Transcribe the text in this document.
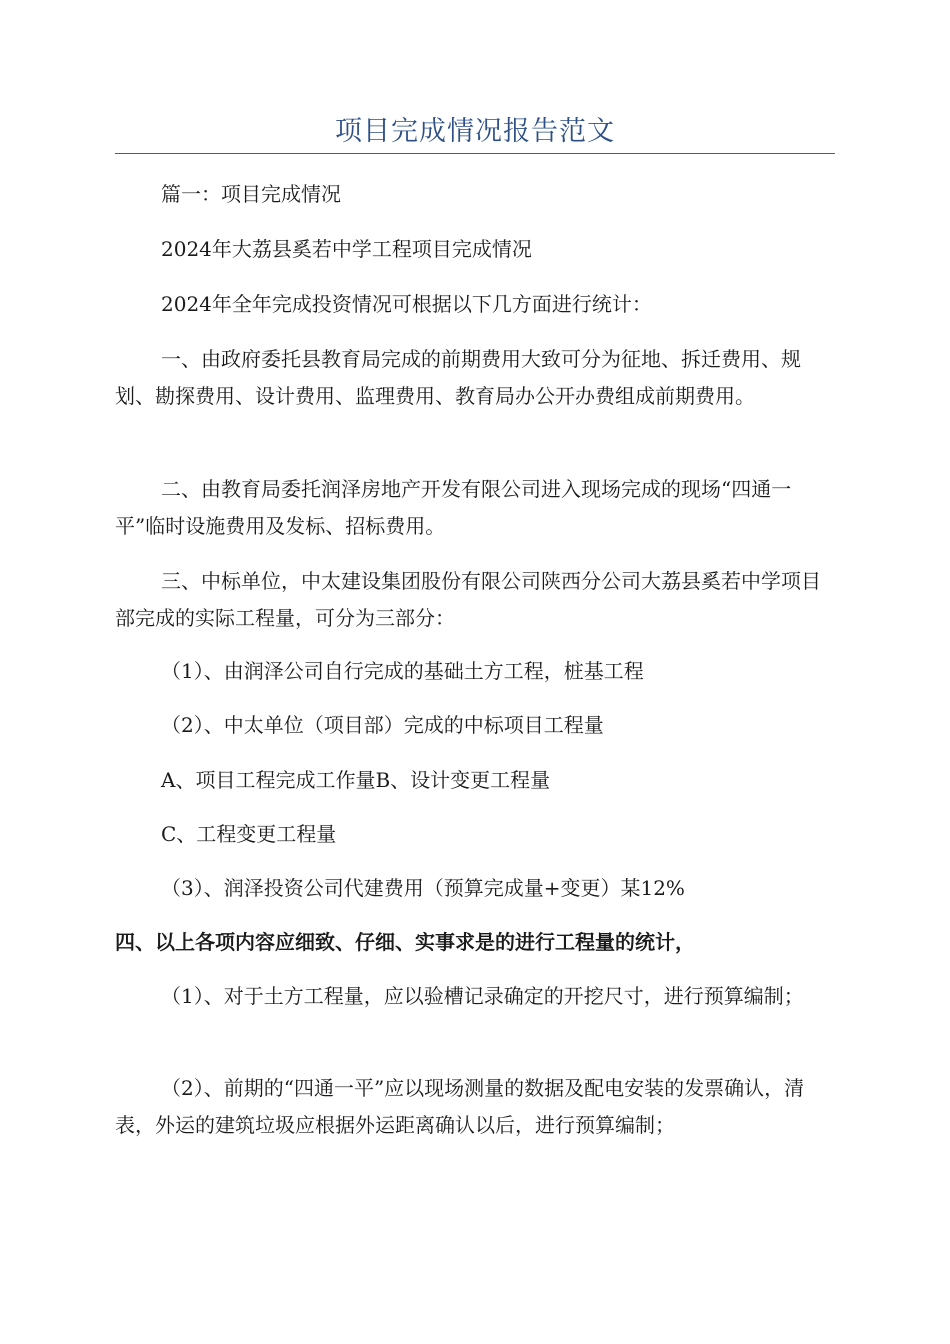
项目完成情况报告范文

篇一：项目完成情况

2024年大荔县奚若中学工程项目完成情况

2024年全年完成投资情况可根据以下几方面进行统计：

一、由政府委托县教育局完成的前期费用大致可分为征地、拆迁费用、规划、勘探费用、设计费用、监理费用、教育局办公开办费组成前期费用。

二、由教育局委托润泽房地产开发有限公司进入现场完成的现场“四通一平”临时设施费用及发标、招标费用。

三、中标单位，中太建设集团股份有限公司陕西分公司大荔县奚若中学项目部完成的实际工程量，可分为三部分：

（1）、由润泽公司自行完成的基础土方工程，桩基工程

（2）、中太单位（项目部）完成的中标项目工程量

A、项目工程完成工作量B、设计变更工程量

C、工程变更工程量

（3）、润泽投资公司代建费用（预算完成量+变更）某12%

四、以上各项内容应细致、仔细、实事求是的进行工程量的统计，

（1）、对于土方工程量，应以验槽记录确定的开挖尺寸，进行预算编制；

（2）、前期的“四通一平”应以现场测量的数据及配电安装的发票确认，清表，外运的建筑垃圾应根据外运距离确认以后，进行预算编制；
